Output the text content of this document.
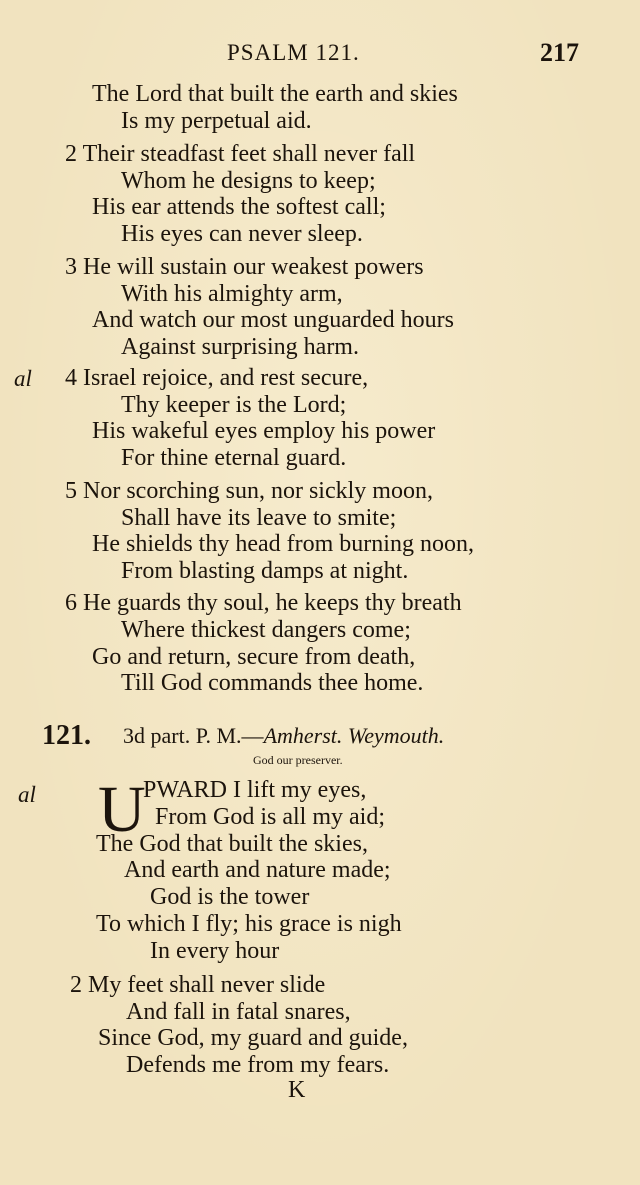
PSALM 121.	217
The Lord that built the earth and skies
Is my perpetual aid.
2 Their steadfast feet shall never fall
Whom he designs to keep;
His ear attends the softest call;
His eyes can never sleep.
3 He will sustain our weakest powers
With his almighty arm,
And watch our most unguarded hours
Against surprising harm.
al 4 Israel rejoice, and rest secure,
Thy keeper is the Lord;
His wakeful eyes employ his power
For thine eternal guard.
5 Nor scorching sun, nor sickly moon,
Shall have its leave to smite;
He shields thy head from burning noon,
From blasting damps at night.
6 He guards thy soul, he keeps thy breath
Where thickest dangers come;
Go and return, secure from death,
Till God commands thee home.
121. 3d part. P. M.—Amherst. Weymouth.
God our preserver.
al U
PWARD I lift my eyes,
From God is all my aid;
The God that built the skies,
And earth and nature made;
God is the tower
To which I fly; his grace is nigh
In every hour
2 My feet shall never slide
And fall in fatal snares,
Since God, my guard and guide,
Defends me from my fears.
K
